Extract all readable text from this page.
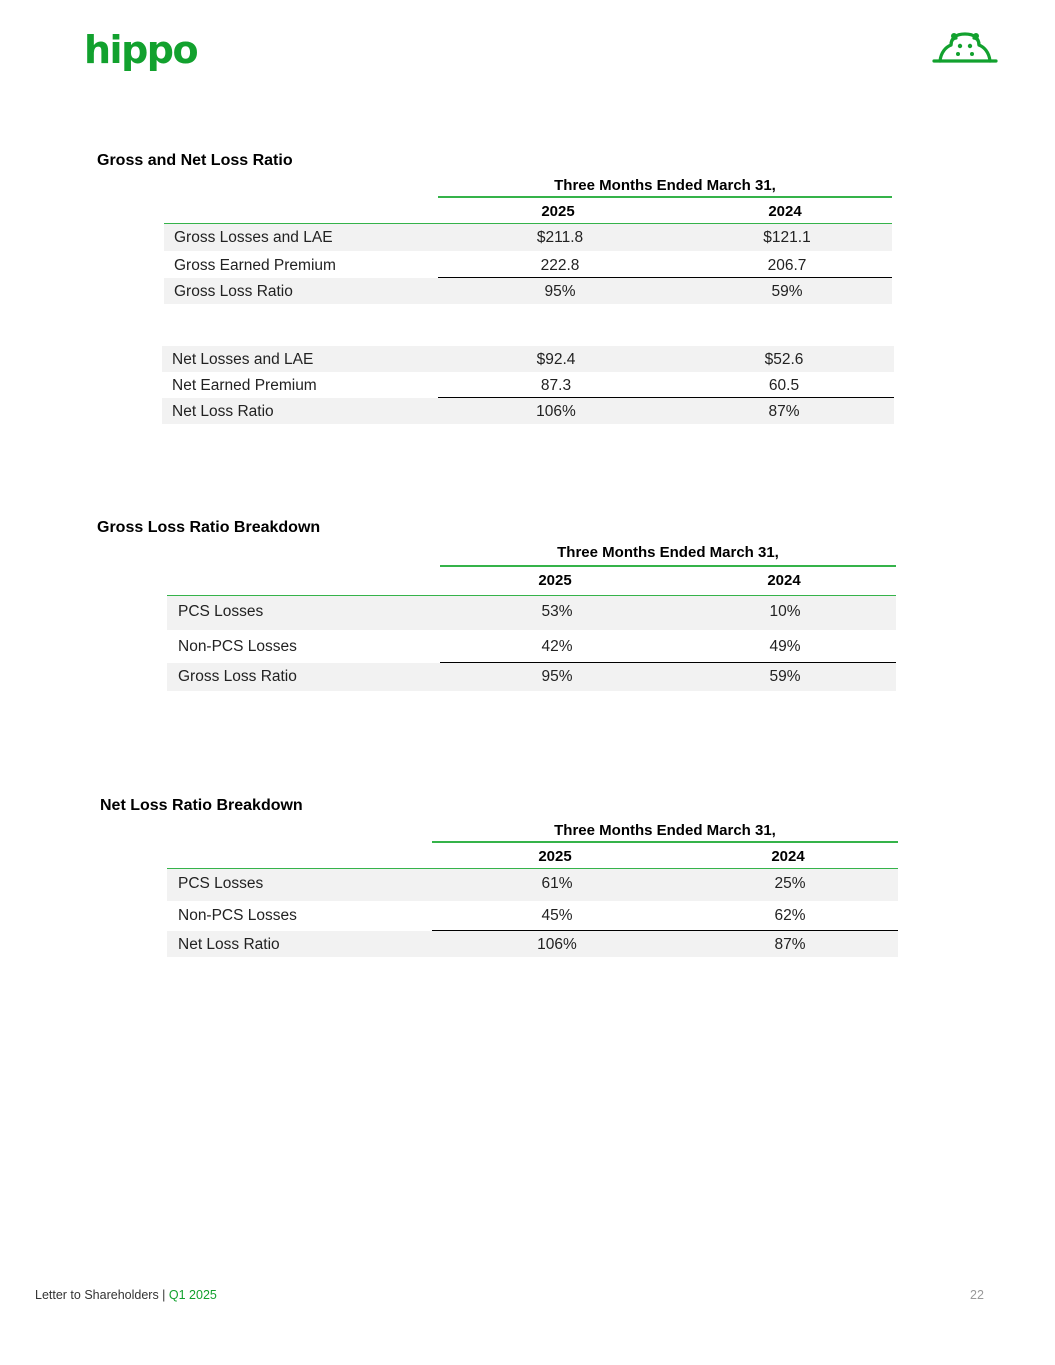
hippo
Gross and Net Loss Ratio
Three Months Ended March 31,
2025	2024
Gross Losses and LAE	$211.8	$121.1
Gross Earned Premium	222.8	206.7
Gross Loss Ratio	95%	59%
Net Losses and LAE	$92.4	$52.6
Net Earned Premium	87.3	60.5
Net Loss Ratio	106%	87%
Gross Loss Ratio Breakdown
Three Months Ended March 31,
2025	2024
PCS Losses	53%	10%
Non-PCS Losses	42%	49%
Gross Loss Ratio	95%	59%
Net Loss Ratio Breakdown
Three Months Ended March 31,
2025	2024
PCS Losses	61%	25%
Non-PCS Losses	45%	62%
Net Loss Ratio	106%	87%
Letter to Shareholders | Q1 2025	22
